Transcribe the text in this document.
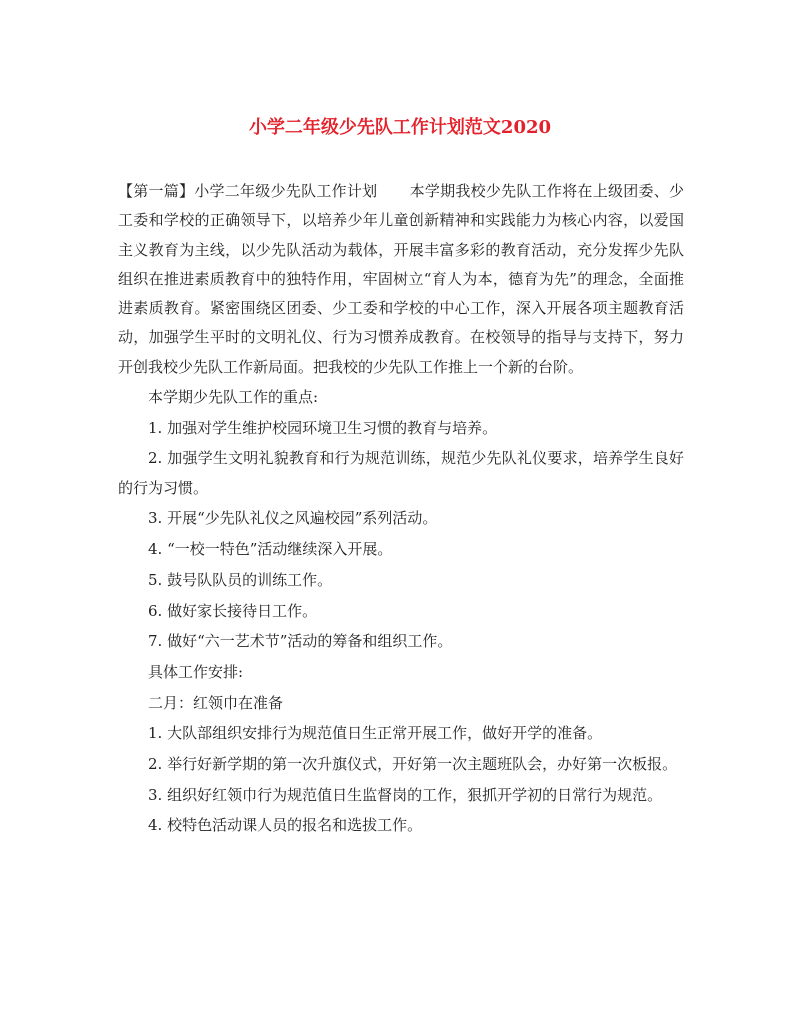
小学二年级少先队工作计划范文2020
【第一篇】小学二年级少先队工作计划 本学期我校少先队工作将在上级团委、少工委和学校的正确领导下，以培养少年儿童创新精神和实践能力为核心内容，以爱国主义教育为主线，以少先队活动为载体，开展丰富多彩的教育活动，充分发挥少先队组织在推进素质教育中的独特作用，牢固树立“育人为本，德育为先”的理念，全面推进素质教育。紧密围绕区团委、少工委和学校的中心工作，深入开展各项主题教育活动，加强学生平时的文明礼仪、行为习惯养成教育。在校领导的指导与支持下，努力开创我校少先队工作新局面。把我校的少先队工作推上一个新的台阶。
本学期少先队工作的重点:
1. 加强对学生维护校园环境卫生习惯的教育与培养。
2. 加强学生文明礼貌教育和行为规范训练，规范少先队礼仪要求，培养学生良好的行为习惯。
3. 开展“少先队礼仪之风遍校园”系列活动。
4. “一校一特色”活动继续深入开展。
5. 鼓号队队员的训练工作。
6. 做好家长接待日工作。
7. 做好“六一艺术节”活动的筹备和组织工作。
具体工作安排:
二月：红领巾在准备
1. 大队部组织安排行为规范值日生正常开展工作，做好开学的准备。
2. 举行好新学期的第一次升旗仪式，开好第一次主题班队会，办好第一次板报。
3. 组织好红领巾行为规范值日生监督岗的工作，狠抓开学初的日常行为规范。
4. 校特色活动课人员的报名和选拔工作。
